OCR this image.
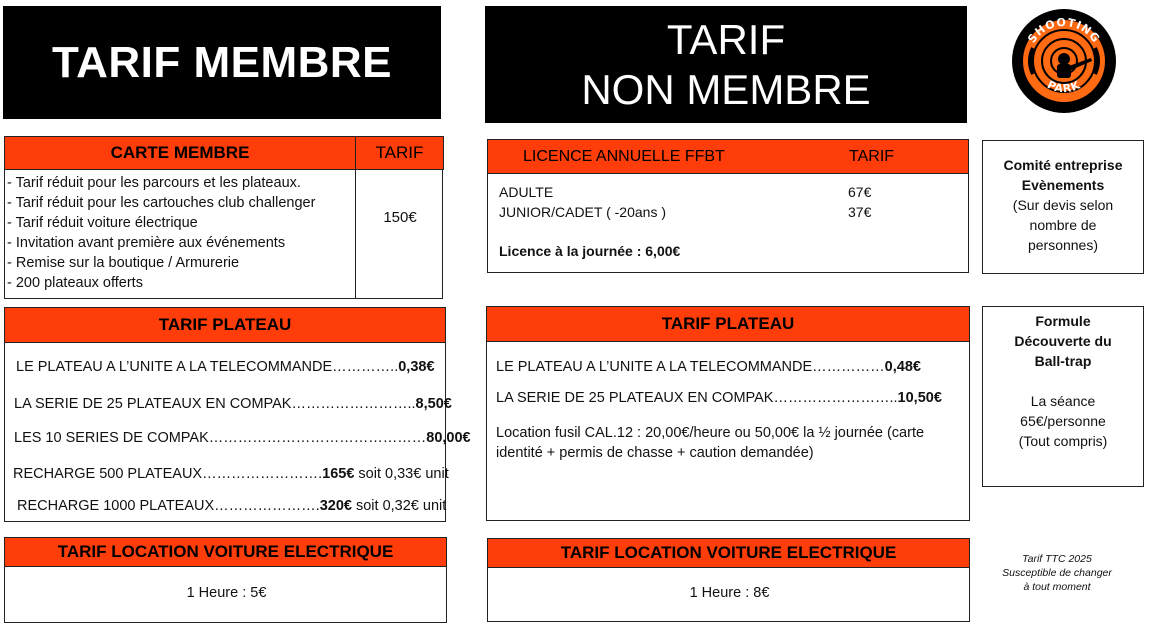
TARIF MEMBRE
CARTE MEMBRE	TARIF
- Tarif réduit pour les parcours et les plateaux.
- Tarif réduit pour les cartouches club challenger
- Tarif réduit voiture électrique
- Invitation avant première aux événements
- Remise sur la boutique / Armurerie
- 200 plateaux offerts
150€
TARIF PLATEAU
LE PLATEAU A L’UNITE A LA TELECOMMANDE…………..0,38€
LA SERIE DE 25 PLATEAUX EN COMPAK……………………..8,50€
LES 10 SERIES DE COMPAK………………………………………80,00€
RECHARGE 500 PLATEAUX…………………….165€ soit 0,33€ unit
RECHARGE 1000 PLATEAUX………………….320€ soit 0,32€ unit
TARIF LOCATION VOITURE ELECTRIQUE
1 Heure : 5€
TARIF
NON MEMBRE
LICENCE ANNUELLE FFBT	TARIF
ADULTE	67€
JUNIOR/CADET ( -20ans )	37€
Licence à la journée : 6,00€
TARIF PLATEAU
LE PLATEAU A L’UNITE A LA TELECOMMANDE……………0,48€
LA SERIE DE 25 PLATEAUX EN COMPAK……………………..10,50€
Location fusil CAL.12 : 20,00€/heure ou 50,00€ la ½ journée (carte
identité + permis de chasse + caution demandée)
TARIF LOCATION VOITURE ELECTRIQUE
1 Heure : 8€
SHOOTING
PARK
Comité entreprise
Evènements
(Sur devis selon
nombre de
personnes)
Formule
Découverte du
Ball-trap
La séance
65€/personne
(Tout compris)
Tarif TTC 2025
Susceptible de changer
à tout moment
